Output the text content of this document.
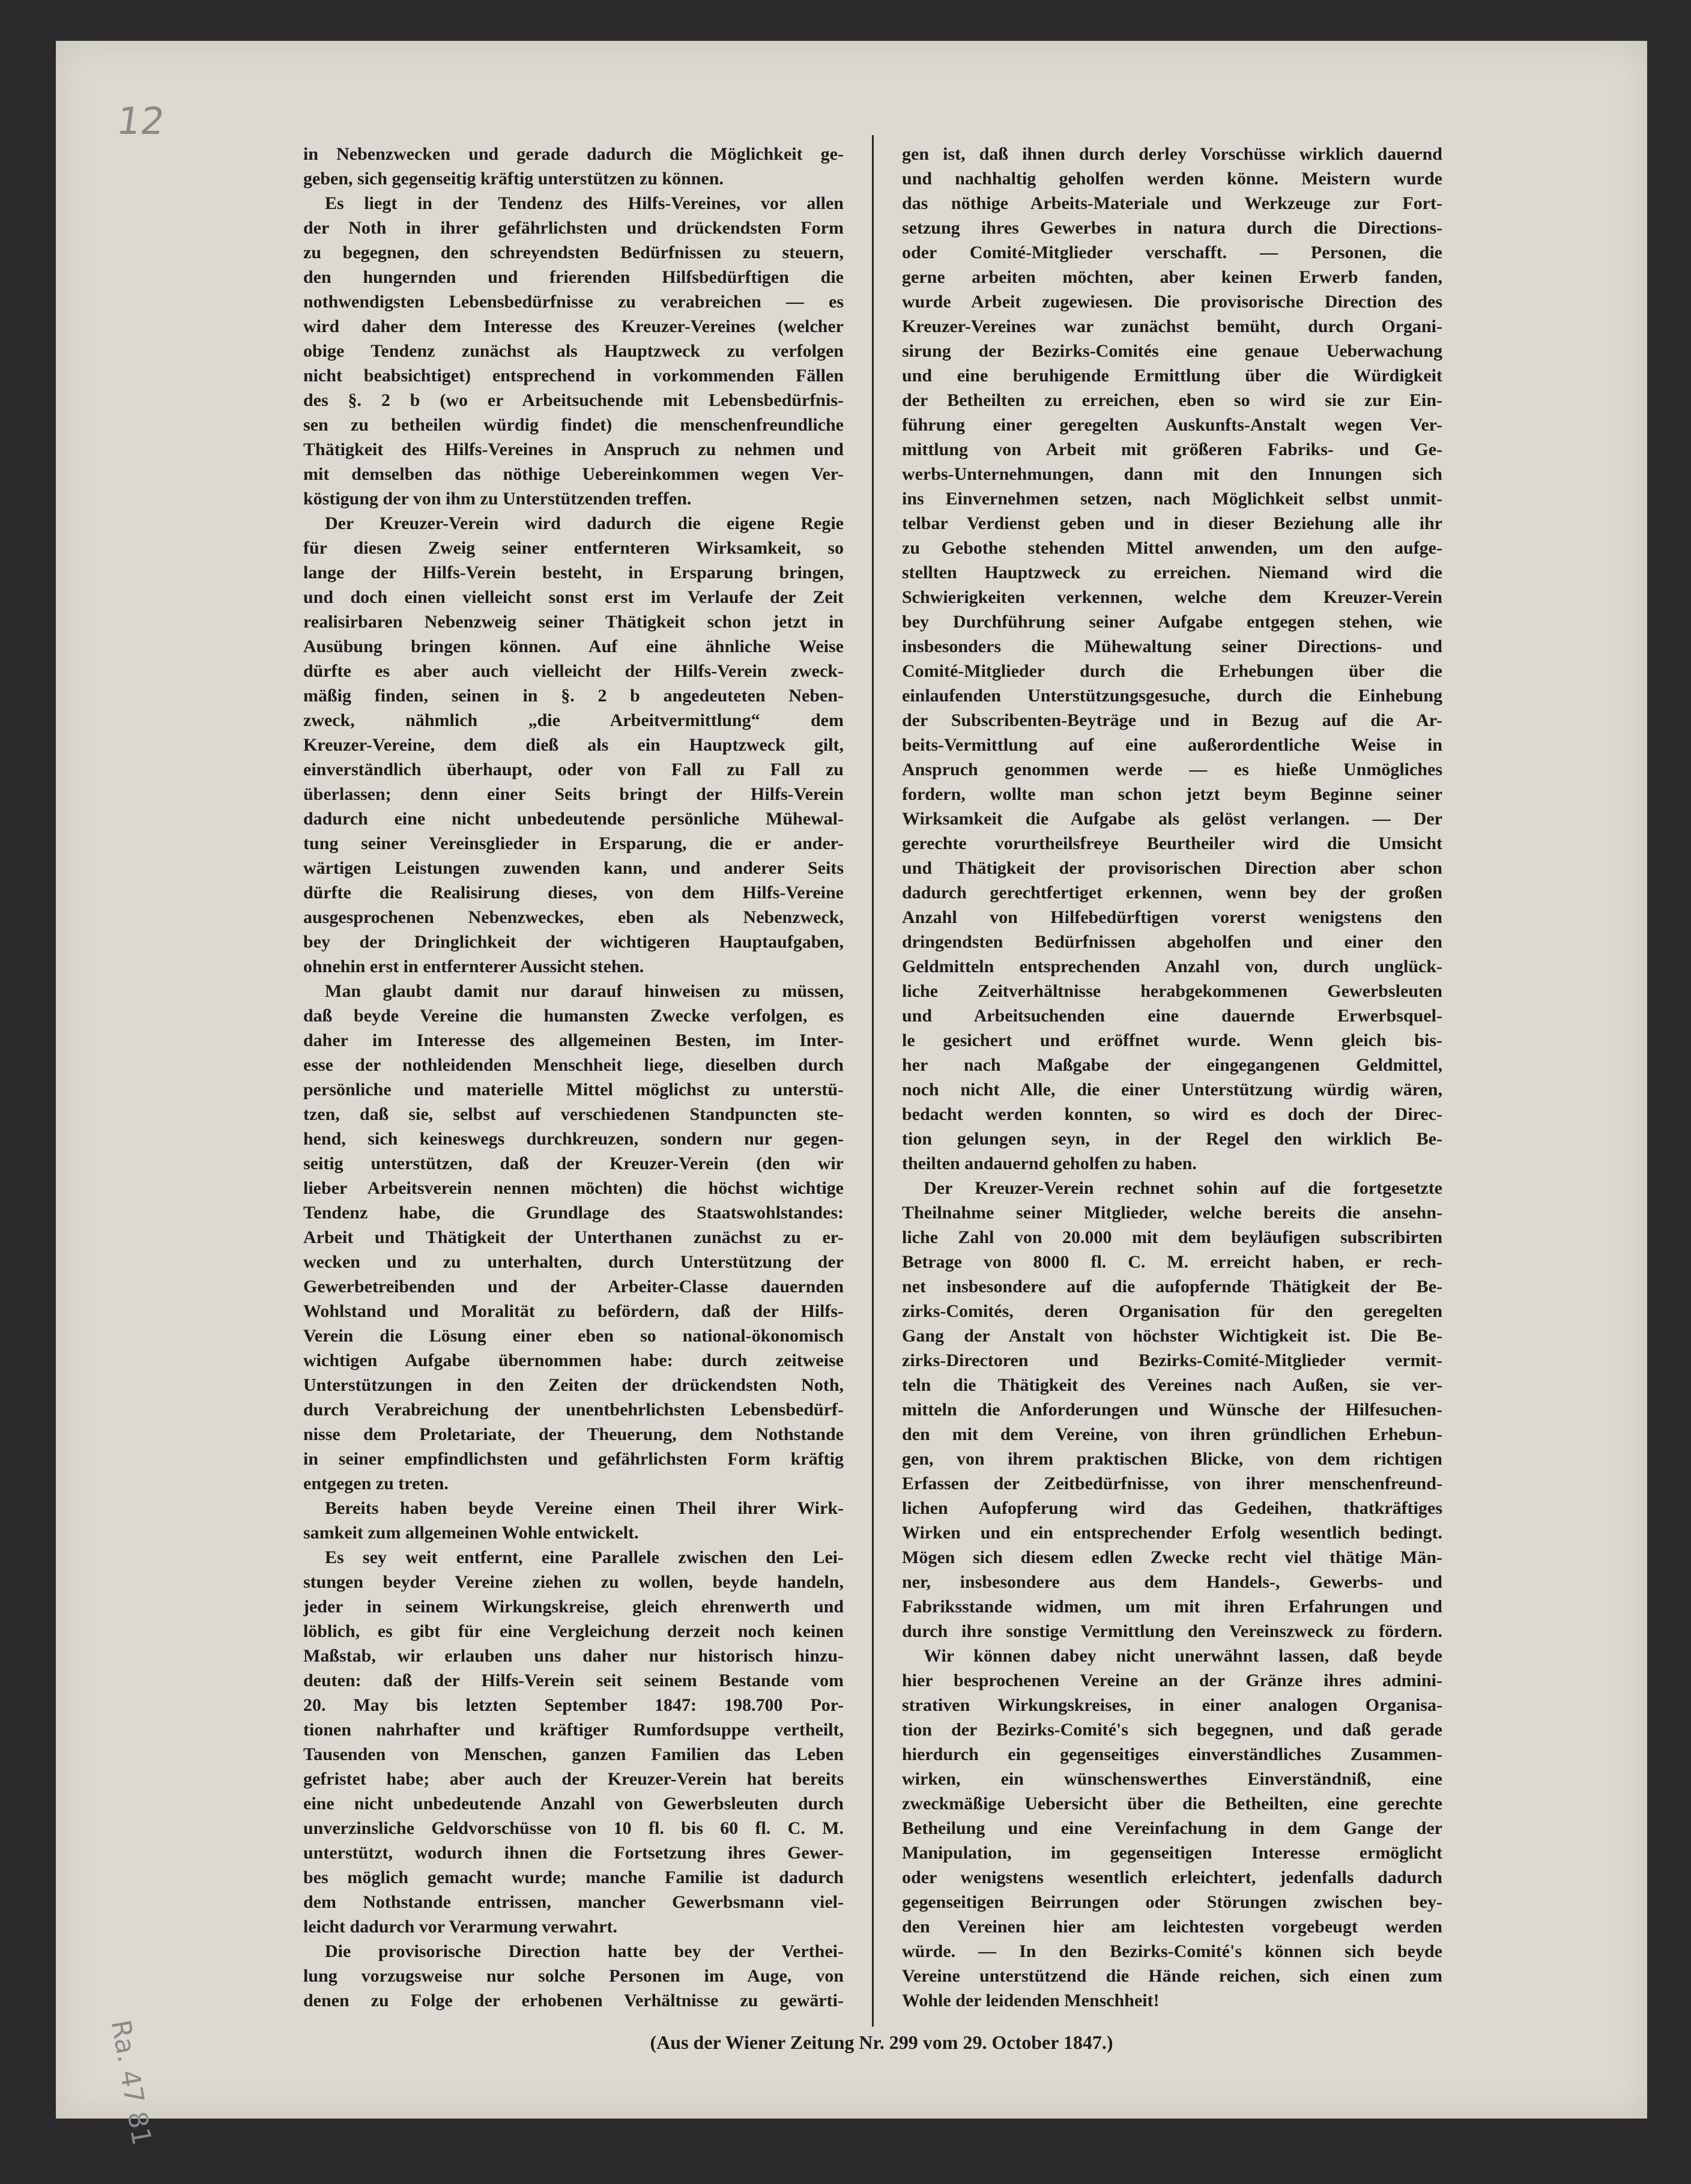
12
Ra. 47 81
in Nebenzwecken und gerade dadurch die Möglichkeit ge-
geben, sich gegenseitig kräftig unterstützen zu können.
Es liegt in der Tendenz des Hilfs-Vereines, vor allen
der Noth in ihrer gefährlichsten und drückendsten Form
zu begegnen, den schreyendsten Bedürfnissen zu steuern,
den hungernden und frierenden Hilfsbedürftigen die
nothwendigsten Lebensbedürfnisse zu verabreichen — es
wird daher dem Interesse des Kreuzer-Vereines (welcher
obige Tendenz zunächst als Hauptzweck zu verfolgen
nicht beabsichtiget) entsprechend in vorkommenden Fällen
des §. 2 b (wo er Arbeitsuchende mit Lebensbedürfnis-
sen zu betheilen würdig findet) die menschenfreundliche
Thätigkeit des Hilfs-Vereines in Anspruch zu nehmen und
mit demselben das nöthige Uebereinkommen wegen Ver-
köstigung der von ihm zu Unterstützenden treffen.
Der Kreuzer-Verein wird dadurch die eigene Regie
für diesen Zweig seiner entfernteren Wirksamkeit, so
lange der Hilfs-Verein besteht, in Ersparung bringen,
und doch einen vielleicht sonst erst im Verlaufe der Zeit
realisirbaren Nebenzweig seiner Thätigkeit schon jetzt in
Ausübung bringen können. Auf eine ähnliche Weise
dürfte es aber auch vielleicht der Hilfs-Verein zweck-
mäßig finden, seinen in §. 2 b angedeuteten Neben-
zweck, nähmlich „die Arbeitvermittlung“ dem
Kreuzer-Vereine, dem dieß als ein Hauptzweck gilt,
einverständlich überhaupt, oder von Fall zu Fall zu
überlassen; denn einer Seits bringt der Hilfs-Verein
dadurch eine nicht unbedeutende persönliche Mühewal-
tung seiner Vereinsglieder in Ersparung, die er ander-
wärtigen Leistungen zuwenden kann, und anderer Seits
dürfte die Realisirung dieses, von dem Hilfs-Vereine
ausgesprochenen Nebenzweckes, eben als Nebenzweck,
bey der Dringlichkeit der wichtigeren Hauptaufgaben,
ohnehin erst in entfernterer Aussicht stehen.
Man glaubt damit nur darauf hinweisen zu müssen,
daß beyde Vereine die humansten Zwecke verfolgen, es
daher im Interesse des allgemeinen Besten, im Inter-
esse der nothleidenden Menschheit liege, dieselben durch
persönliche und materielle Mittel möglichst zu unterstü-
tzen, daß sie, selbst auf verschiedenen Standpuncten ste-
hend, sich keineswegs durchkreuzen, sondern nur gegen-
seitig unterstützen, daß der Kreuzer-Verein (den wir
lieber Arbeitsverein nennen möchten) die höchst wichtige
Tendenz habe, die Grundlage des Staatswohlstandes:
Arbeit und Thätigkeit der Unterthanen zunächst zu er-
wecken und zu unterhalten, durch Unterstützung der
Gewerbetreibenden und der Arbeiter-Classe dauernden
Wohlstand und Moralität zu befördern, daß der Hilfs-
Verein die Lösung einer eben so national-ökonomisch
wichtigen Aufgabe übernommen habe: durch zeitweise
Unterstützungen in den Zeiten der drückendsten Noth,
durch Verabreichung der unentbehrlichsten Lebensbedürf-
nisse dem Proletariate, der Theuerung, dem Nothstande
in seiner empfindlichsten und gefährlichsten Form kräftig
entgegen zu treten.
Bereits haben beyde Vereine einen Theil ihrer Wirk-
samkeit zum allgemeinen Wohle entwickelt.
Es sey weit entfernt, eine Parallele zwischen den Lei-
stungen beyder Vereine ziehen zu wollen, beyde handeln,
jeder in seinem Wirkungskreise, gleich ehrenwerth und
löblich, es gibt für eine Vergleichung derzeit noch keinen
Maßstab, wir erlauben uns daher nur historisch hinzu-
deuten: daß der Hilfs-Verein seit seinem Bestande vom
20. May bis letzten September 1847: 198.700 Por-
tionen nahrhafter und kräftiger Rumfordsuppe vertheilt,
Tausenden von Menschen, ganzen Familien das Leben
gefristet habe; aber auch der Kreuzer-Verein hat bereits
eine nicht unbedeutende Anzahl von Gewerbsleuten durch
unverzinsliche Geldvorschüsse von 10 fl. bis 60 fl. C. M.
unterstützt, wodurch ihnen die Fortsetzung ihres Gewer-
bes möglich gemacht wurde; manche Familie ist dadurch
dem Nothstande entrissen, mancher Gewerbsmann viel-
leicht dadurch vor Verarmung verwahrt.
Die provisorische Direction hatte bey der Verthei-
lung vorzugsweise nur solche Personen im Auge, von
denen zu Folge der erhobenen Verhältnisse zu gewärti-
gen ist, daß ihnen durch derley Vorschüsse wirklich dauernd
und nachhaltig geholfen werden könne. Meistern wurde
das nöthige Arbeits-Materiale und Werkzeuge zur Fort-
setzung ihres Gewerbes in natura durch die Directions-
oder Comité-Mitglieder verschafft. — Personen, die
gerne arbeiten möchten, aber keinen Erwerb fanden,
wurde Arbeit zugewiesen. Die provisorische Direction des
Kreuzer-Vereines war zunächst bemüht, durch Organi-
sirung der Bezirks-Comités eine genaue Ueberwachung
und eine beruhigende Ermittlung über die Würdigkeit
der Betheilten zu erreichen, eben so wird sie zur Ein-
führung einer geregelten Auskunfts-Anstalt wegen Ver-
mittlung von Arbeit mit größeren Fabriks- und Ge-
werbs-Unternehmungen, dann mit den Innungen sich
ins Einvernehmen setzen, nach Möglichkeit selbst unmit-
telbar Verdienst geben und in dieser Beziehung alle ihr
zu Gebothe stehenden Mittel anwenden, um den aufge-
stellten Hauptzweck zu erreichen. Niemand wird die
Schwierigkeiten verkennen, welche dem Kreuzer-Verein
bey Durchführung seiner Aufgabe entgegen stehen, wie
insbesonders die Mühewaltung seiner Directions- und
Comité-Mitglieder durch die Erhebungen über die
einlaufenden Unterstützungsgesuche, durch die Einhebung
der Subscribenten-Beyträge und in Bezug auf die Ar-
beits-Vermittlung auf eine außerordentliche Weise in
Anspruch genommen werde — es hieße Unmögliches
fordern, wollte man schon jetzt beym Beginne seiner
Wirksamkeit die Aufgabe als gelöst verlangen. — Der
gerechte vorurtheilsfreye Beurtheiler wird die Umsicht
und Thätigkeit der provisorischen Direction aber schon
dadurch gerechtfertiget erkennen, wenn bey der großen
Anzahl von Hilfebedürftigen vorerst wenigstens den
dringendsten Bedürfnissen abgeholfen und einer den
Geldmitteln entsprechenden Anzahl von, durch unglück-
liche Zeitverhältnisse herabgekommenen Gewerbsleuten
und Arbeitsuchenden eine dauernde Erwerbsquel-
le gesichert und eröffnet wurde. Wenn gleich bis-
her nach Maßgabe der eingegangenen Geldmittel,
noch nicht Alle, die einer Unterstützung würdig wären,
bedacht werden konnten, so wird es doch der Direc-
tion gelungen seyn, in der Regel den wirklich Be-
theilten andauernd geholfen zu haben.
Der Kreuzer-Verein rechnet sohin auf die fortgesetzte
Theilnahme seiner Mitglieder, welche bereits die ansehn-
liche Zahl von 20.000 mit dem beyläufigen subscribirten
Betrage von 8000 fl. C. M. erreicht haben, er rech-
net insbesondere auf die aufopfernde Thätigkeit der Be-
zirks-Comités, deren Organisation für den geregelten
Gang der Anstalt von höchster Wichtigkeit ist. Die Be-
zirks-Directoren und Bezirks-Comité-Mitglieder vermit-
teln die Thätigkeit des Vereines nach Außen, sie ver-
mitteln die Anforderungen und Wünsche der Hilfesuchen-
den mit dem Vereine, von ihren gründlichen Erhebun-
gen, von ihrem praktischen Blicke, von dem richtigen
Erfassen der Zeitbedürfnisse, von ihrer menschenfreund-
lichen Aufopferung wird das Gedeihen, thatkräftiges
Wirken und ein entsprechender Erfolg wesentlich bedingt.
Mögen sich diesem edlen Zwecke recht viel thätige Män-
ner, insbesondere aus dem Handels-, Gewerbs- und
Fabriksstande widmen, um mit ihren Erfahrungen und
durch ihre sonstige Vermittlung den Vereinszweck zu fördern.
Wir können dabey nicht unerwähnt lassen, daß beyde
hier besprochenen Vereine an der Gränze ihres admini-
strativen Wirkungskreises, in einer analogen Organisa-
tion der Bezirks-Comité's sich begegnen, und daß gerade
hierdurch ein gegenseitiges einverständliches Zusammen-
wirken, ein wünschenswerthes Einverständniß, eine
zweckmäßige Uebersicht über die Betheilten, eine gerechte
Betheilung und eine Vereinfachung in dem Gange der
Manipulation, im gegenseitigen Interesse ermöglicht
oder wenigstens wesentlich erleichtert, jedenfalls dadurch
gegenseitigen Beirrungen oder Störungen zwischen bey-
den Vereinen hier am leichtesten vorgebeugt werden
würde. — In den Bezirks-Comité's können sich beyde
Vereine unterstützend die Hände reichen, sich einen zum
Wohle der leidenden Menschheit!
(Aus der Wiener Zeitung Nr. 299 vom 29. October 1847.)
